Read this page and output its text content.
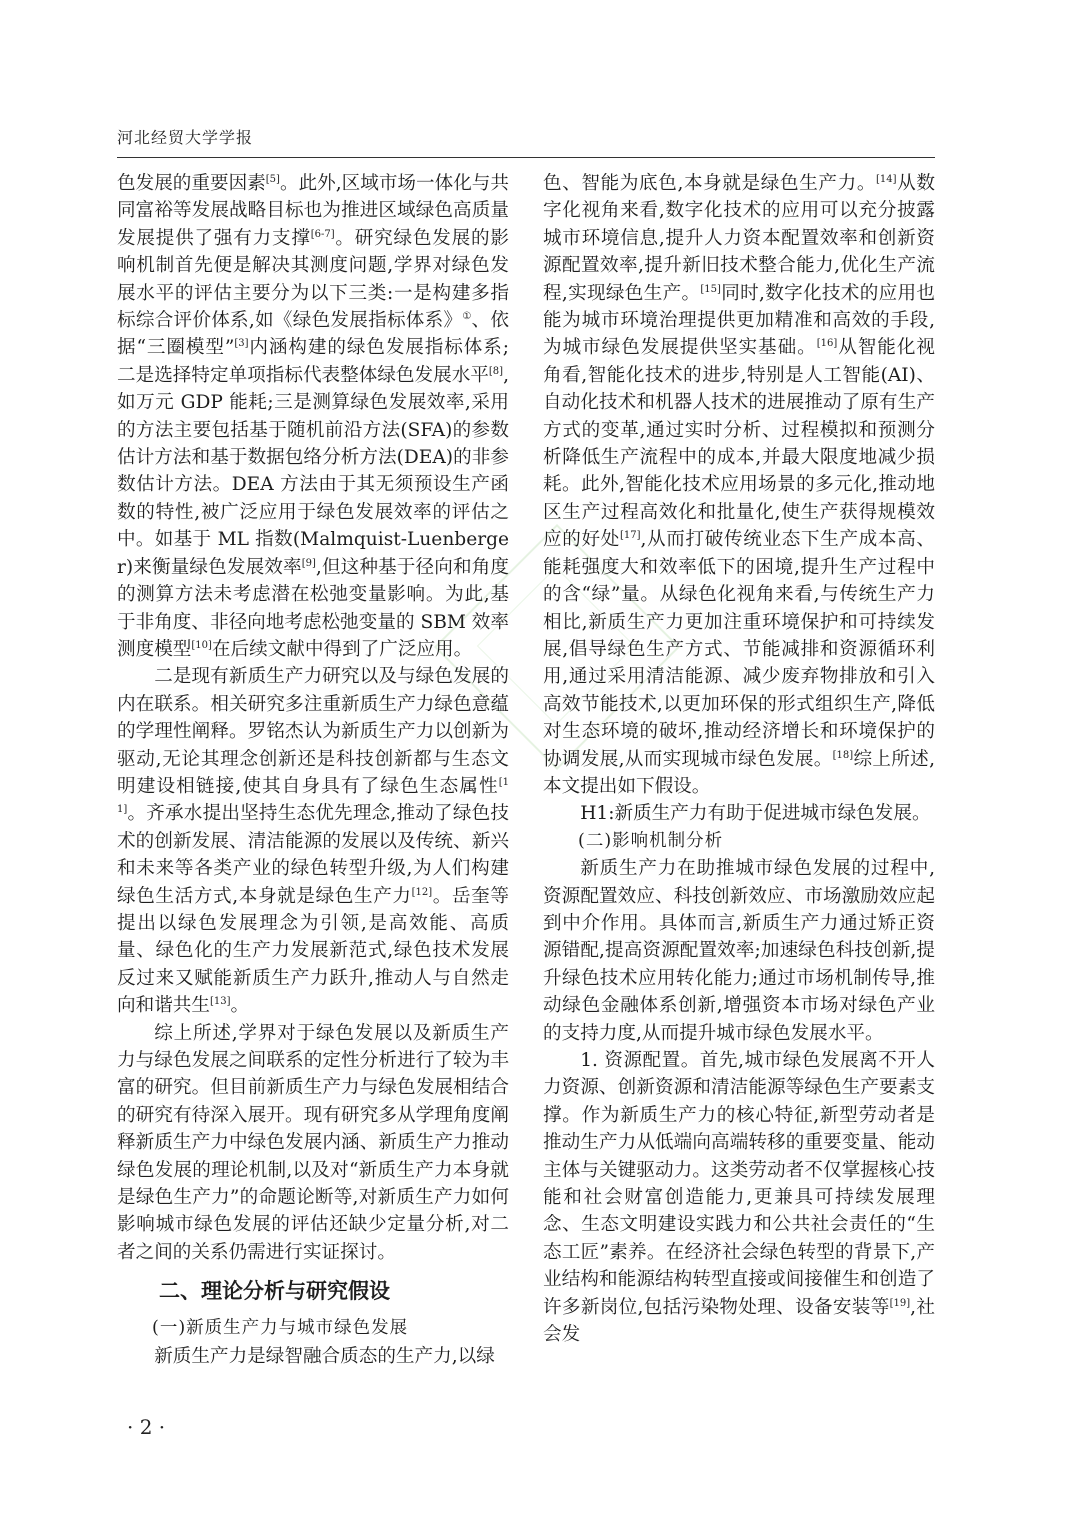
河北经贸大学学报

色发展的重要因素[5]。此外,区域市场一体化与共同富裕等发展战略目标也为推进区域绿色高质量发展提供了强有力支撑[6-7]。研究绿色发展的影响机制首先便是解决其测度问题,学界对绿色发展水平的评估主要分为以下三类:一是构建多指标综合评价体系,如《绿色发展指标体系》①、依据“三圈模型”[3]内涵构建的绿色发展指标体系;二是选择特定单项指标代表整体绿色发展水平[8],如万元 GDP 能耗;三是测算绿色发展效率,采用的方法主要包括基于随机前沿方法(SFA)的参数估计方法和基于数据包络分析方法(DEA)的非参数估计方法。DEA 方法由于其无须预设生产函数的特性,被广泛应用于绿色发展效率的评估之中。如基于 ML 指数(Malmquist-Luenberger)来衡量绿色发展效率[9],但这种基于径向和角度的测算方法未考虑潜在松弛变量影响。为此,基于非角度、非径向地考虑松弛变量的 SBM 效率测度模型[10]在后续文献中得到了广泛应用。

二是现有新质生产力研究以及与绿色发展的内在联系。相关研究多注重新质生产力绿色意蕴的学理性阐释。罗铭杰认为新质生产力以创新为驱动,无论其理念创新还是科技创新都与生态文明建设相链接,使其自身具有了绿色生态属性[11]。齐承水提出坚持生态优先理念,推动了绿色技术的创新发展、清洁能源的发展以及传统、新兴和未来等各类产业的绿色转型升级,为人们构建绿色生活方式,本身就是绿色生产力[12]。岳奎等提出以绿色发展理念为引领,是高效能、高质量、绿色化的生产力发展新范式,绿色技术发展反过来又赋能新质生产力跃升,推动人与自然走向和谐共生[13]。

综上所述,学界对于绿色发展以及新质生产力与绿色发展之间联系的定性分析进行了较为丰富的研究。但目前新质生产力与绿色发展相结合的研究有待深入展开。现有研究多从学理角度阐释新质生产力中绿色发展内涵、新质生产力推动绿色发展的理论机制,以及对“新质生产力本身就是绿色生产力”的命题论断等,对新质生产力如何影响城市绿色发展的评估还缺少定量分析,对二者之间的关系仍需进行实证探讨。

二、理论分析与研究假设
(一)新质生产力与城市绿色发展

新质生产力是绿智融合质态的生产力,以绿

色、智能为底色,本身就是绿色生产力。[14]从数字化视角来看,数字化技术的应用可以充分披露城市环境信息,提升人力资本配置效率和创新资源配置效率,提升新旧技术整合能力,优化生产流程,实现绿色生产。[15]同时,数字化技术的应用也能为城市环境治理提供更加精准和高效的手段,为城市绿色发展提供坚实基础。[16]从智能化视角看,智能化技术的进步,特别是人工智能(AI)、自动化技术和机器人技术的进展推动了原有生产方式的变革,通过实时分析、过程模拟和预测分析降低生产流程中的成本,并最大限度地减少损耗。此外,智能化技术应用场景的多元化,推动地区生产过程高效化和批量化,使生产获得规模效应的好处[17],从而打破传统业态下生产成本高、能耗强度大和效率低下的困境,提升生产过程中的含“绿”量。从绿色化视角来看,与传统生产力相比,新质生产力更加注重环境保护和可持续发展,倡导绿色生产方式、节能减排和资源循环利用,通过采用清洁能源、减少废弃物排放和引入高效节能技术,以更加环保的形式组织生产,降低对生态环境的破坏,推动经济增长和环境保护的协调发展,从而实现城市绿色发展。[18]综上所述,本文提出如下假设。

H1:新质生产力有助于促进城市绿色发展。

(二)影响机制分析

新质生产力在助推城市绿色发展的过程中,资源配置效应、科技创新效应、市场激励效应起到中介作用。具体而言,新质生产力通过矫正资源错配,提高资源配置效率;加速绿色科技创新,提升绿色技术应用转化能力;通过市场机制传导,推动绿色金融体系创新,增强资本市场对绿色产业的支持力度,从而提升城市绿色发展水平。

1. 资源配置。首先,城市绿色发展离不开人力资源、创新资源和清洁能源等绿色生产要素支撑。作为新质生产力的核心特征,新型劳动者是推动生产力从低端向高端转移的重要变量、能动主体与关键驱动力。这类劳动者不仅掌握核心技能和社会财富创造能力,更兼具可持续发展理念、生态文明建设实践力和公共社会责任的“生态工匠”素养。在经济社会绿色转型的背景下,产业结构和能源结构转型直接或间接催生和创造了许多新岗位,包括污染物处理、设备安装等[19],社会发

· 2 ·
